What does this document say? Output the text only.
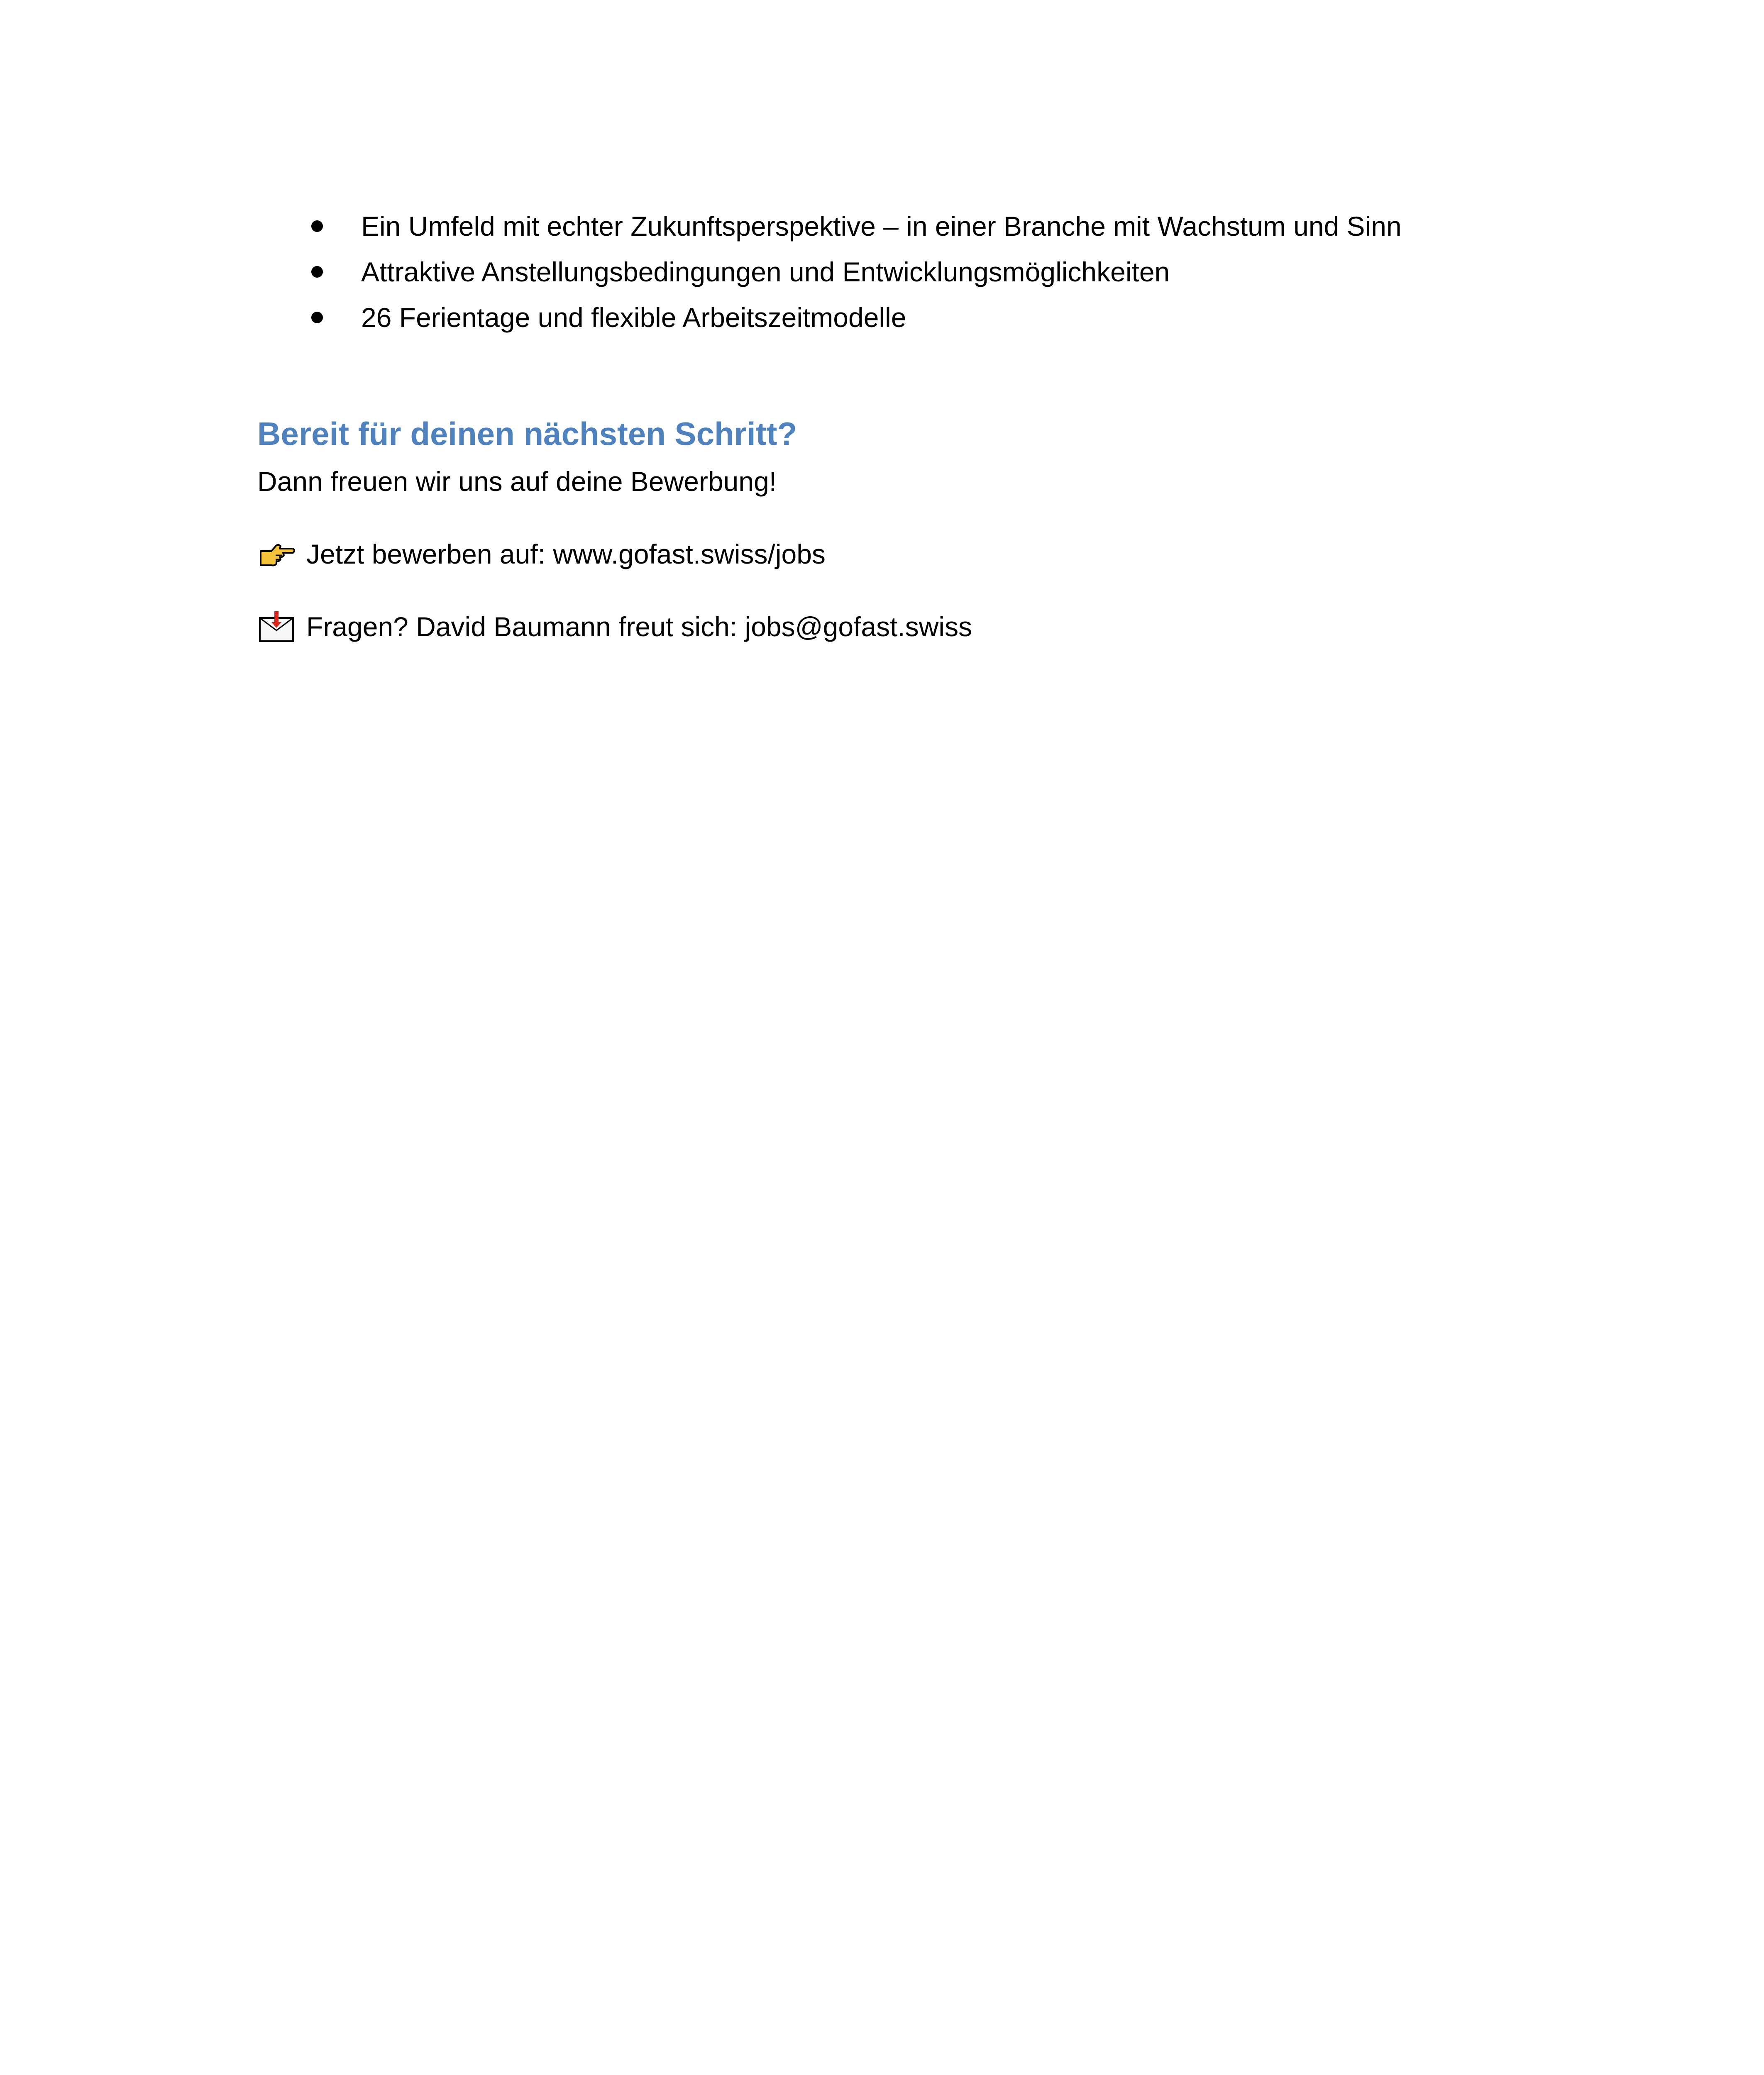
Ein Umfeld mit echter Zukunftsperspektive – in einer Branche mit Wachstum und Sinn
Attraktive Anstellungsbedingungen und Entwicklungsmöglichkeiten
26 Ferientage und flexible Arbeitszeitmodelle
Bereit für deinen nächsten Schritt?
Dann freuen wir uns auf deine Bewerbung!
Jetzt bewerben auf: www.gofast.swiss/jobs
Fragen? David Baumann freut sich: jobs@gofast.swiss
